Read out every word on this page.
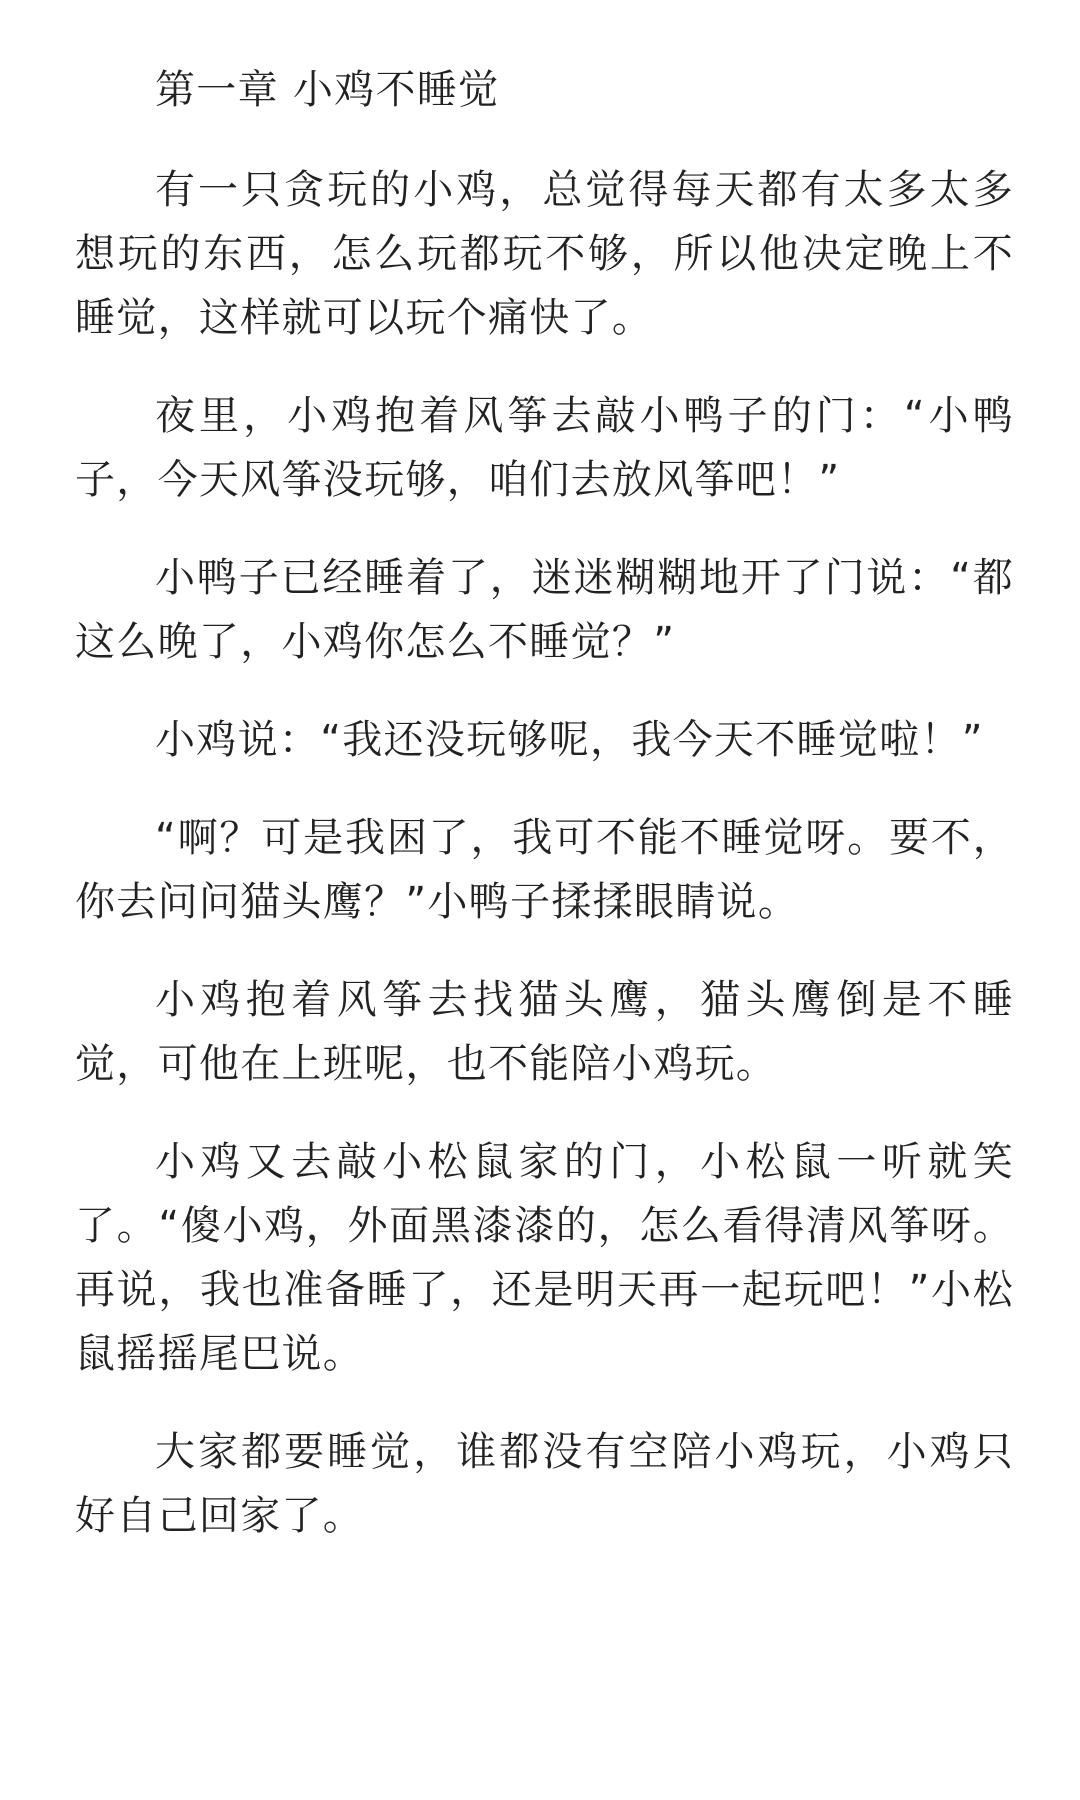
第一章 小鸡不睡觉

有一只贪玩的小鸡，总觉得每天都有太多太多想玩的东西，怎么玩都玩不够，所以他决定晚上不睡觉，这样就可以玩个痛快了。

夜里，小鸡抱着风筝去敲小鸭子的门：“小鸭子，今天风筝没玩够，咱们去放风筝吧！”

小鸭子已经睡着了，迷迷糊糊地开了门说：“都这么晚了，小鸡你怎么不睡觉？”

小鸡说：“我还没玩够呢，我今天不睡觉啦！”

“啊？可是我困了，我可不能不睡觉呀。要不，你去问问猫头鹰？”小鸭子揉揉眼睛说。

小鸡抱着风筝去找猫头鹰，猫头鹰倒是不睡觉，可他在上班呢，也不能陪小鸡玩。

小鸡又去敲小松鼠家的门，小松鼠一听就笑了。“傻小鸡，外面黑漆漆的，怎么看得清风筝呀。再说，我也准备睡了，还是明天再一起玩吧！”小松鼠摇摇尾巴说。

大家都要睡觉，谁都没有空陪小鸡玩，小鸡只好自己回家了。
